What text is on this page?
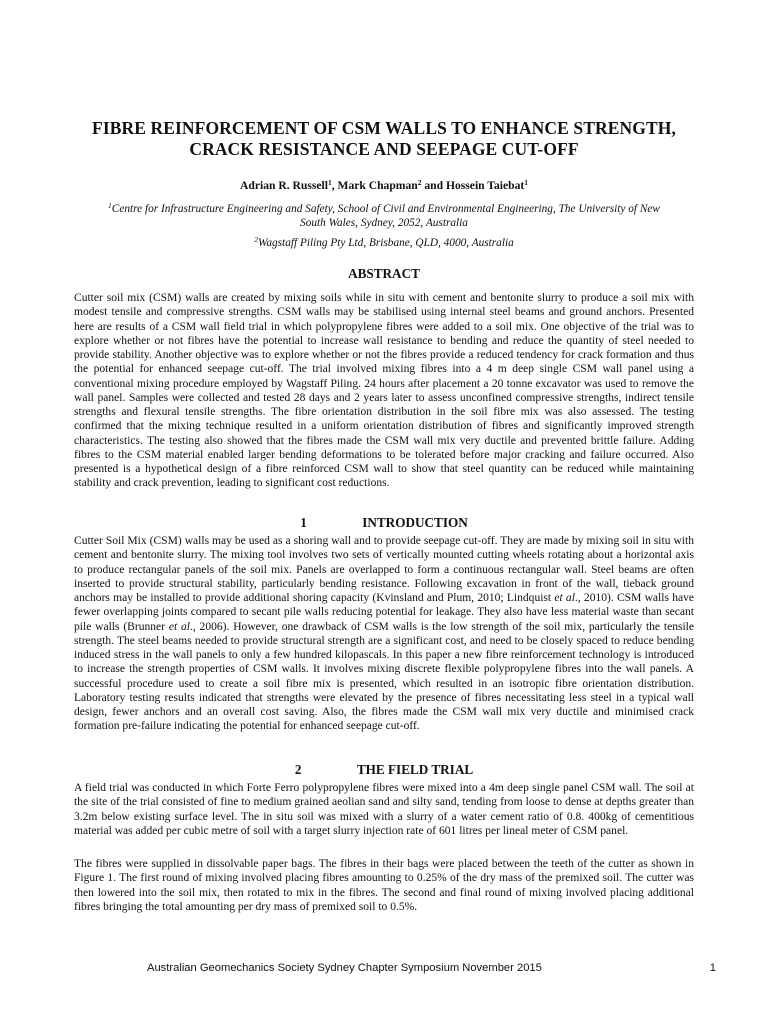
FIBRE REINFORCEMENT OF CSM WALLS TO ENHANCE STRENGTH,
CRACK RESISTANCE AND SEEPAGE CUT-OFF
Adrian R. Russell$^1$, Mark Chapman$^2$ and Hossein Taiebat$^1$
$^1$Centre for Infrastructure Engineering and Safety, School of Civil and Environmental Engineering, The University of New
South Wales, Sydney, 2052, Australia
$^2$Wagstaff Piling Pty Ltd, Brisbane, QLD, 4000, Australia
ABSTRACT
Cutter soil mix (CSM) walls are created by mixing soils while in situ with cement and bentonite slurry to produce a soil mix with modest tensile and compressive strengths. CSM walls may be stabilised using internal steel beams and ground anchors. Presented here are results of a CSM wall field trial in which polypropylene fibres were added to a soil mix. One objective of the trial was to explore whether or not fibres have the potential to increase wall resistance to bending and reduce the quantity of steel needed to provide stability. Another objective was to explore whether or not the fibres provide a reduced tendency for crack formation and thus the potential for enhanced seepage cut-off. The trial involved mixing fibres into a 4 m deep single CSM wall panel using a conventional mixing procedure employed by Wagstaff Piling. 24 hours after placement a 20 tonne excavator was used to remove the wall panel. Samples were collected and tested 28 days and 2 years later to assess unconfined compressive strengths, indirect tensile strengths and flexural tensile strengths. The fibre orientation distribution in the soil fibre mix was also assessed. The testing confirmed that the mixing technique resulted in a uniform orientation distribution of fibres and significantly improved strength characteristics. The testing also showed that the fibres made the CSM wall mix very ductile and prevented brittle failure. Adding fibres to the CSM material enabled larger bending deformations to be tolerated before major cracking and failure occurred. Also presented is a hypothetical design of a fibre reinforced CSM wall to show that steel quantity can be reduced while maintaining stability and crack prevention, leading to significant cost reductions.
1	INTRODUCTION
Cutter Soil Mix (CSM) walls may be used as a shoring wall and to provide seepage cut-off. They are made by mixing soil in situ with cement and bentonite slurry. The mixing tool involves two sets of vertically mounted cutting wheels rotating about a horizontal axis to produce rectangular panels of the soil mix. Panels are overlapped to form a continuous rectangular wall. Steel beams are often inserted to provide structural stability, particularly bending resistance. Following excavation in front of the wall, tieback ground anchors may be installed to provide additional shoring capacity (Kvinsland and Plum, 2010; Lindquist et al., 2010). CSM walls have fewer overlapping joints compared to secant pile walls reducing potential for leakage. They also have less material waste than secant pile walls (Brunner et al., 2006). However, one drawback of CSM walls is the low strength of the soil mix, particularly the tensile strength. The steel beams needed to provide structural strength are a significant cost, and need to be closely spaced to reduce bending induced stress in the wall panels to only a few hundred kilopascals. In this paper a new fibre reinforcement technology is introduced to increase the strength properties of CSM walls. It involves mixing discrete flexible polypropylene fibres into the wall panels. A successful procedure used to create a soil fibre mix is presented, which resulted in an isotropic fibre orientation distribution. Laboratory testing results indicated that strengths were elevated by the presence of fibres necessitating less steel in a typical wall design, fewer anchors and an overall cost saving. Also, the fibres made the CSM wall mix very ductile and minimised crack formation pre-failure indicating the potential for enhanced seepage cut-off.
2	THE FIELD TRIAL
A field trial was conducted in which Forte Ferro polypropylene fibres were mixed into a 4m deep single panel CSM wall. The soil at the site of the trial consisted of fine to medium grained aeolian sand and silty sand, tending from loose to dense at depths greater than 3.2m below existing surface level. The in situ soil was mixed with a slurry of a water cement ratio of 0.8. 400kg of cementitious material was added per cubic metre of soil with a target slurry injection rate of 601 litres per lineal meter of CSM panel.
The fibres were supplied in dissolvable paper bags. The fibres in their bags were placed between the teeth of the cutter as shown in Figure 1. The first round of mixing involved placing fibres amounting to 0.25% of the dry mass of the premixed soil. The cutter was then lowered into the soil mix, then rotated to mix in the fibres. The second and final round of mixing involved placing additional fibres bringing the total amounting per dry mass of premixed soil to 0.5%.
Australian Geomechanics Society Sydney Chapter Symposium November 2015	1
